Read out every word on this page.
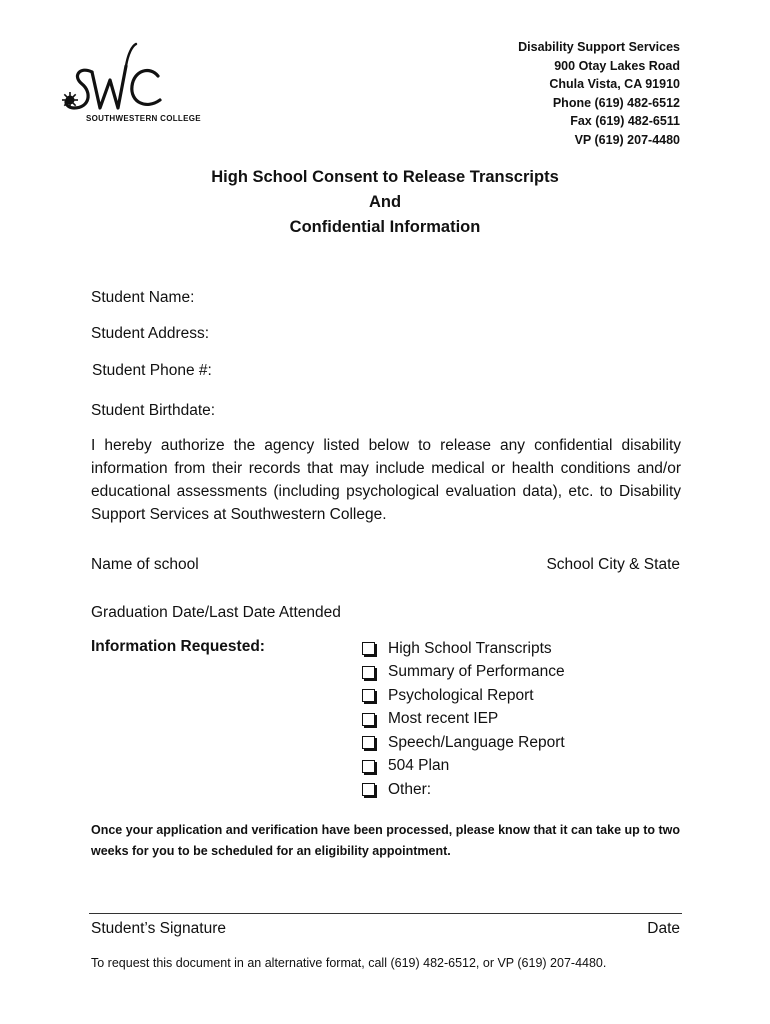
SOUTHWESTERN COLLEGE
Disability Support Services
900 Otay Lakes Road
Chula Vista, CA 91910
Phone (619) 482-6512
Fax (619) 482-6511
VP (619) 207-4480
High School Consent to Release Transcripts
And
Confidential Information
Student Name:
Student Address:
Student Phone #:
Student Birthdate:
I hereby authorize the agency listed below to release any confidential disability information from their records that may include medical or health conditions and/or educational assessments (including psychological evaluation data), etc. to Disability Support Services at Southwestern College.
Name of school	School City & State
Graduation Date/Last Date Attended
Information Requested:	High School Transcripts
Summary of Performance
Psychological Report
Most recent IEP
Speech/Language Report
504 Plan
Other:
Once your application and verification have been processed, please know that it can take up to two weeks for you to be scheduled for an eligibility appointment.
Student’s Signature	Date
To request this document in an alternative format, call (619) 482-6512, or VP (619) 207-4480.
